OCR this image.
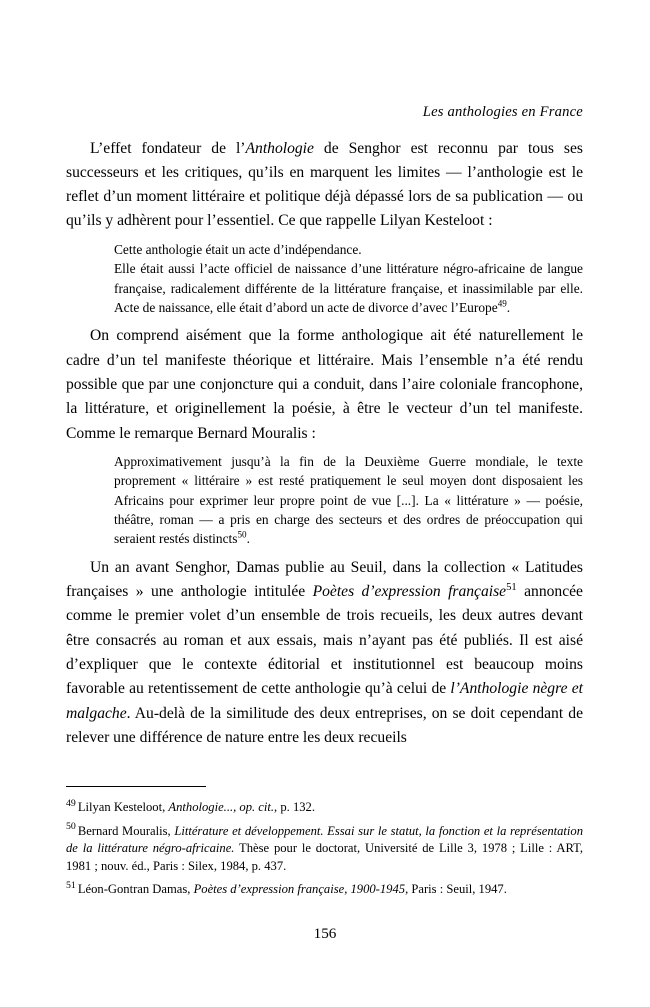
Les anthologies en France

L’effet fondateur de l’Anthologie de Senghor est reconnu par tous ses successeurs et les critiques, qu’ils en marquent les limites — l’anthologie est le reflet d’un moment littéraire et politique déjà dépassé lors de sa publication — ou qu’ils y adhèrent pour l’essentiel. Ce que rappelle Lilyan Kesteloot :

Cette anthologie était un acte d’indépendance.

Elle était aussi l’acte officiel de naissance d’une littérature négro-africaine de langue française, radicalement différente de la littérature française, et inassimilable par elle. Acte de naissance, elle était d’abord un acte de divorce d’avec l’Europe$^{49}$.

On comprend aisément que la forme anthologique ait été naturellement le cadre d’un tel manifeste théorique et littéraire. Mais l’ensemble n’a été rendu possible que par une conjoncture qui a conduit, dans l’aire coloniale francophone, la littérature, et originellement la poésie, à être le vecteur d’un tel manifeste. Comme le remarque Bernard Mouralis :

Approximativement jusqu’à la fin de la Deuxième Guerre mondiale, le texte proprement « littéraire » est resté pratiquement le seul moyen dont disposaient les Africains pour exprimer leur propre point de vue [...]. La « littérature » — poésie, théâtre, roman — a pris en charge des secteurs et des ordres de préoccupation qui seraient restés distincts$^{50}$.

Un an avant Senghor, Damas publie au Seuil, dans la collection « Latitudes françaises » une anthologie intitulée Poètes d’expression française$^{51}$ annoncée comme le premier volet d’un ensemble de trois recueils, les deux autres devant être consacrés au roman et aux essais, mais n’ayant pas été publiés. Il est aisé d’expliquer que le contexte éditorial et institutionnel est beaucoup moins favorable au retentissement de cette anthologie qu’à celui de l’Anthologie nègre et malgache. Au-delà de la similitude des deux entreprises, on se doit cependant de relever une différence de nature entre les deux recueils

$^{49}$ Lilyan Kesteloot, Anthologie..., op. cit., p. 132.

$^{50}$ Bernard Mouralis, Littérature et développement. Essai sur le statut, la fonction et la représentation de la littérature négro-africaine. Thèse pour le doctorat, Université de Lille 3, 1978 ; Lille : ART, 1981 ; nouv. éd., Paris : Silex, 1984, p. 437.

$^{51}$ Léon-Gontran Damas, Poètes d’expression française, 1900-1945, Paris : Seuil, 1947.

156
